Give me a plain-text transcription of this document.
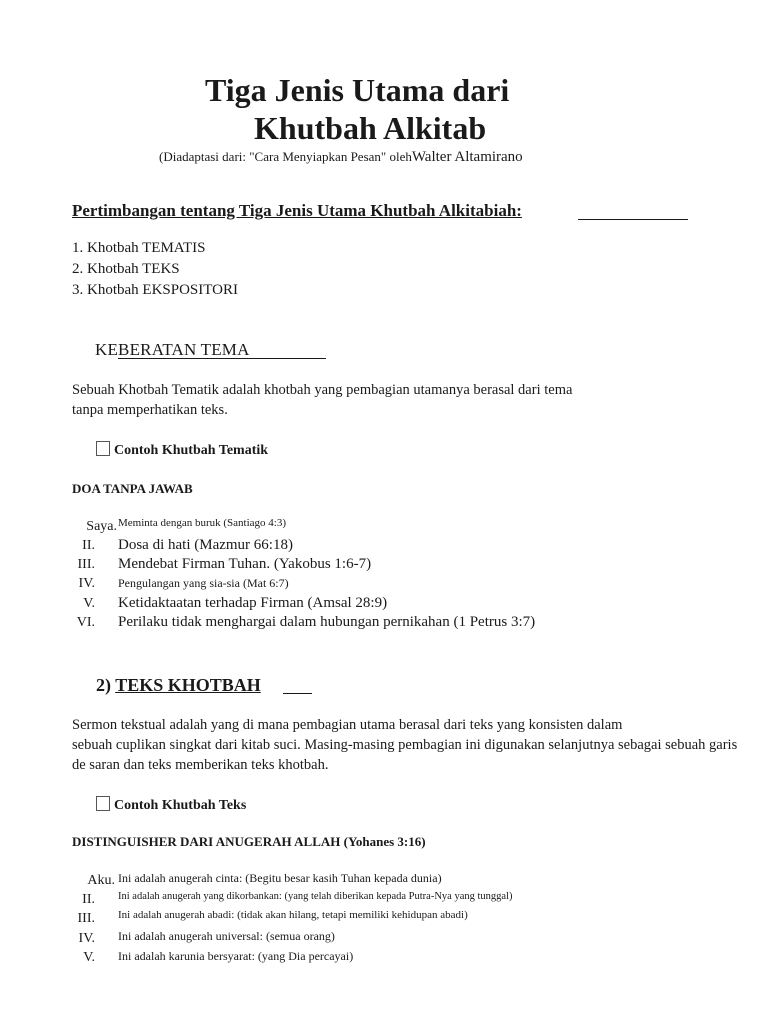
Tiga Jenis Utama dari
Khutbah Alkitab
(Diadaptasi dari: "Cara Menyiapkan Pesan" olehWalter Altamirano
Pertimbangan tentang Tiga Jenis Utama Khutbah Alkitabiah:
1. Khotbah TEMATIS
2. Khotbah TEKS
3. Khotbah EKSPOSITORI
KEBERATAN TEMA
Sebuah Khotbah Tematik adalah khotbah yang pembagian utamanya berasal dari tema
tanpa memperhatikan teks.
Contoh Khutbah Tematik
DOA TANPA JAWAB
Saya. Meminta dengan buruk (Santiago 4:3)
II. Dosa di hati (Mazmur 66:18)
III. Mendebat Firman Tuhan. (Yakobus 1:6-7)
IV. Pengulangan yang sia-sia (Mat 6:7)
V. Ketidaktaatan terhadap Firman (Amsal 28:9)
VI. Perilaku tidak menghargai dalam hubungan pernikahan (1 Petrus 3:7)
2) TEKS KHOTBAH
Sermon tekstual adalah yang di mana pembagian utama berasal dari teks yang konsisten dalam
sebuah cuplikan singkat dari kitab suci. Masing-masing pembagian ini digunakan selanjutnya sebagai sebuah garis
de saran dan teks memberikan teks khotbah.
Contoh Khutbah Teks
DISTINGUISHER DARI ANUGERAH ALLAH (Yohanes 3:16)
Aku. Ini adalah anugerah cinta: (Begitu besar kasih Tuhan kepada dunia)
II. Ini adalah anugerah yang dikorbankan: (yang telah diberikan kepada Putra-Nya yang tunggal)
III. Ini adalah anugerah abadi: (tidak akan hilang, tetapi memiliki kehidupan abadi)
IV. Ini adalah anugerah universal: (semua orang)
V. Ini adalah karunia bersyarat: (yang Dia percayai)
